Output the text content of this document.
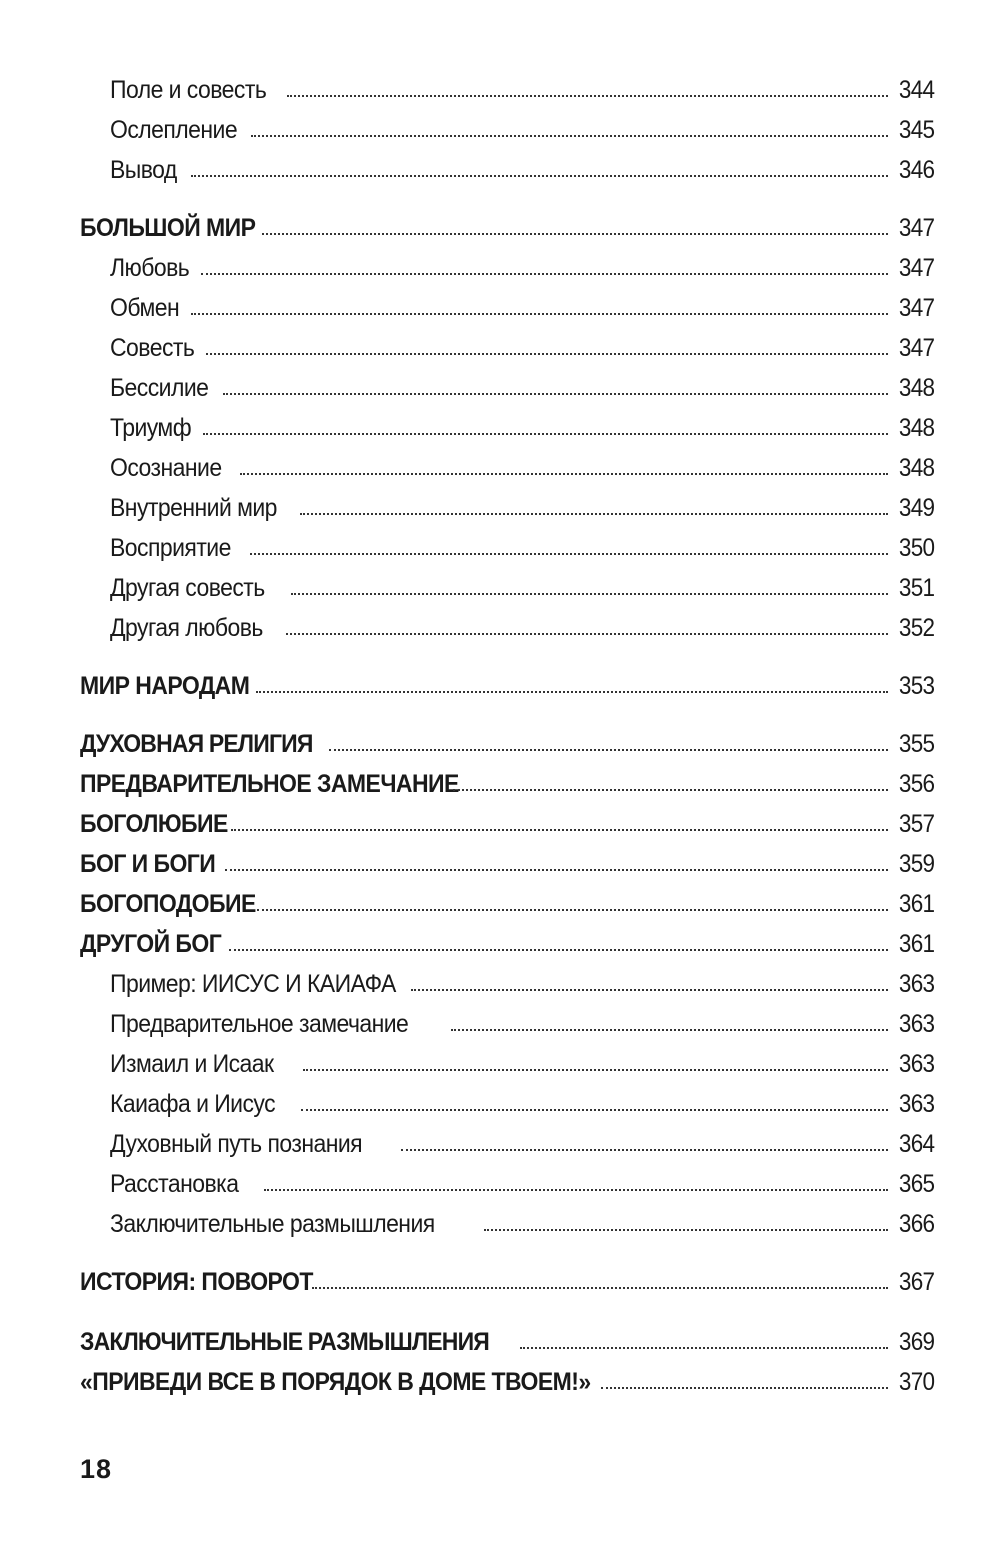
Поле и совесть	344
Ослепление	345
Вывод	346
БОЛЬШОЙ МИР	347
Любовь	347
Обмен	347
Совесть	347
Бессилие	348
Триумф	348
Осознание	348
Внутренний мир	349
Восприятие	350
Другая совесть	351
Другая любовь	352
МИР НАРОДАМ	353
ДУХОВНАЯ РЕЛИГИЯ	355
ПРЕДВАРИТЕЛЬНОЕ ЗАМЕЧАНИЕ	356
БОГОЛЮБИЕ	357
БОГ И БОГИ	359
БОГОПОДОБИЕ	361
ДРУГОЙ БОГ	361
Пример: ИИСУС И КАИАФА	363
Предварительное замечание	363
Измаил и Исаак	363
Каиафа и Иисус	363
Духовный путь познания	364
Расстановка	365
Заключительные размышления	366
ИСТОРИЯ: ПОВОРОТ	367
ЗАКЛЮЧИТЕЛЬНЫЕ РАЗМЫШЛЕНИЯ	369
«ПРИВЕДИ ВСЕ В ПОРЯДОК В ДОМЕ ТВОЕМ!»	370
18
